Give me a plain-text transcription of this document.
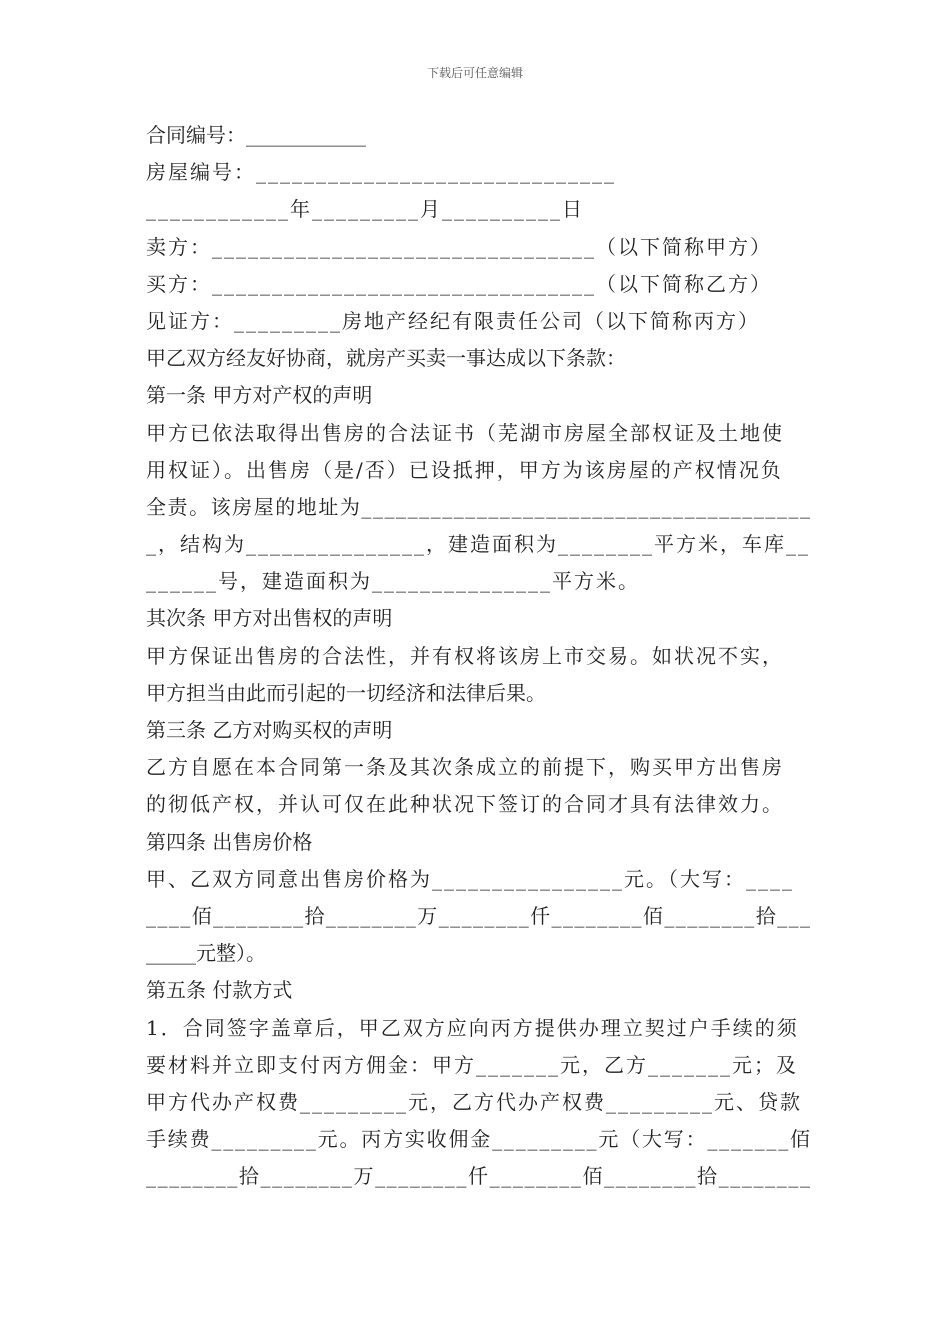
下载后可任意编辑
合同编号：____________
房屋编号：______________________________
____________年_________月__________日
卖方：________________________________（以下简称甲方）
买方：________________________________（以下简称乙方）
见证方：_________房地产经纪有限责任公司（以下简称丙方）
甲乙双方经友好协商，就房产买卖一事达成以下条款：
第一条 甲方对产权的声明
甲方已依法取得出售房的合法证书（芜湖市房屋全部权证及土地使
用权证）。出售房（是/否）已设抵押，甲方为该房屋的产权情况负
全责。该房屋的地址为_______________________________________
_，结构为_______________，建造面积为________平方米，车库__
______号，建造面积为_______________平方米。
其次条 甲方对出售权的声明
甲方保证出售房的合法性，并有权将该房上市交易。如状况不实，
甲方担当由此而引起的一切经济和法律后果。
第三条 乙方对购买权的声明
乙方自愿在本合同第一条及其次条成立的前提下，购买甲方出售房
的彻低产权，并认可仅在此种状况下签订的合同才具有法律效力。
第四条 出售房价格
甲、乙双方同意出售房价格为________________元。（大写：____
____佰________拾________万________仟________佰________拾___
_____元整）。
第五条 付款方式
1．合同签字盖章后，甲乙双方应向丙方提供办理立契过户手续的须
要材料并立即支付丙方佣金：甲方_______元，乙方_______元；及
甲方代办产权费_________元，乙方代办产权费_________元、贷款
手续费_________元。丙方实收佣金_________元（大写：_______佰
________拾________万________仟________佰________拾________
